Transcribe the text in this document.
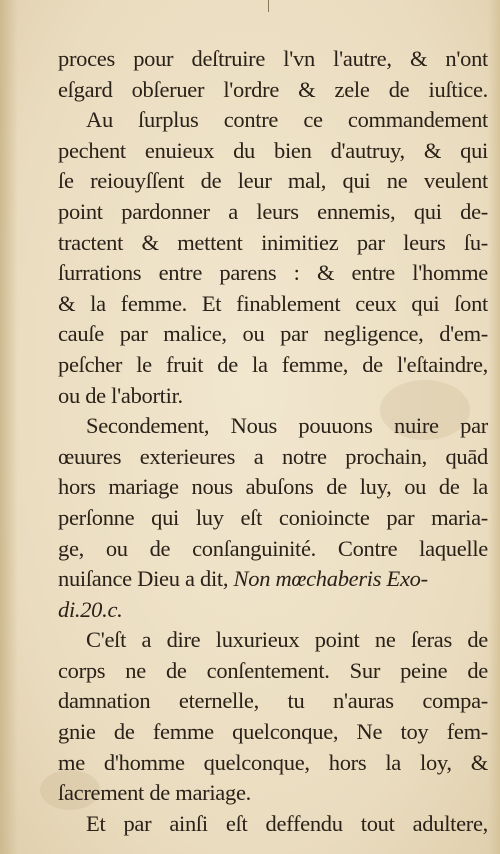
proces pour deſtruire l'vn l'autre, & n'ont
eſgard obſeruer l'ordre & zele de iuſtice.
Au ſurplus contre ce commandement
pechent enuieux du bien d'autruy, & qui
ſe reiouyſſent de leur mal, qui ne veulent
point pardonner a leurs ennemis, qui de-
tractent & mettent inimitiez par leurs ſu-
ſurrations entre parens : & entre l'homme
& la femme. Et finablement ceux qui ſont
cauſe par malice, ou par negligence, d'em-
peſcher le fruit de la femme, de l'eſtaindre,
ou de l'abortir.
Secondement, Nous pouuons nuire par
œuures exterieures a notre prochain, quād
hors mariage nous abuſons de luy, ou de la
perſonne qui luy eſt conioincte par maria-
ge, ou de conſanguinité. Contre laquelle
nuiſance Dieu a dit, Non mœchaberis Exo-
di.20.c.
C'eſt a dire luxurieux point ne ſeras de
corps ne de conſentement. Sur peine de
damnation eternelle, tu n'auras compa-
gnie de femme quelconque, Ne toy fem-
me d'homme quelconque, hors la loy, &
ſacrement de mariage.
Et par ainſi eſt deffendu tout adultere,
